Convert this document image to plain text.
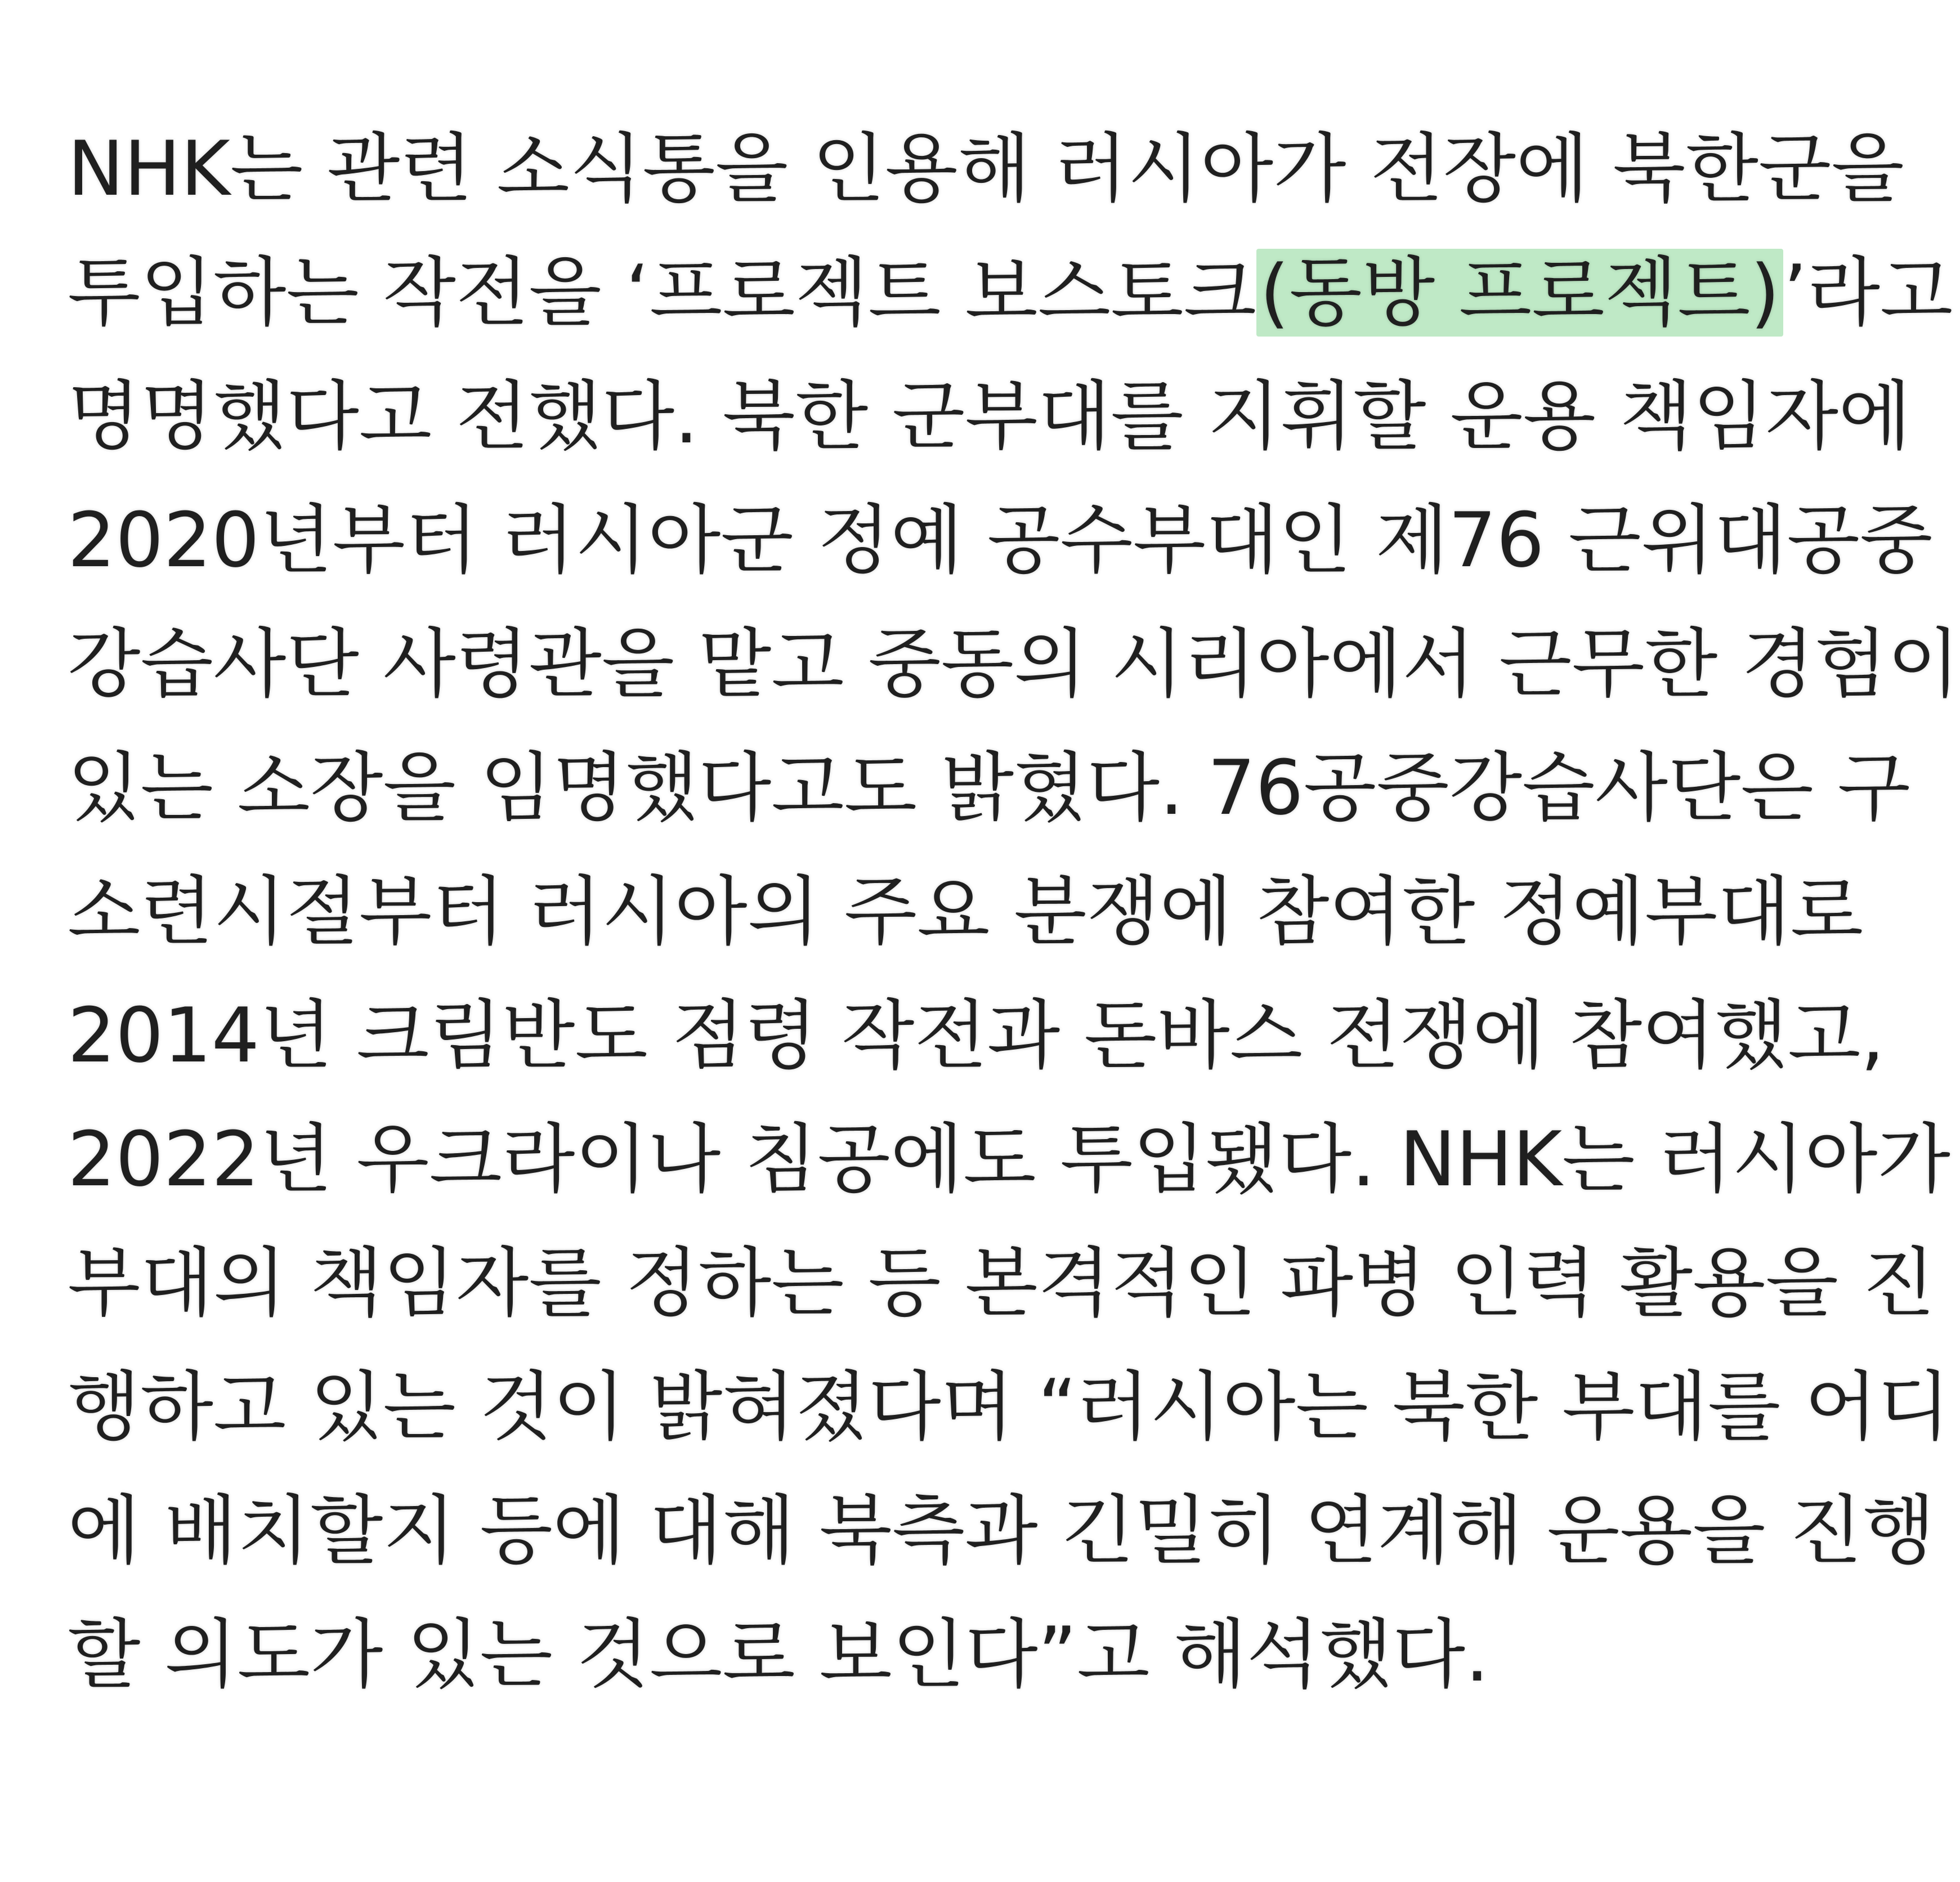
NHK는 관련 소식통을 인용해 러시아가 전장에 북한군을
투입하는 작전을 ‘프로젝트 보스토크(동방 프로젝트)’라고
명명했다고 전했다. 북한 군부대를 지휘할 운용 책임자에
2020년부터 러시아군 정예 공수부대인 제76 근위대공중
강습사단 사령관을 맡고 중동의 시리아에서 근무한 경험이
있는 소장을 임명했다고도 밝혔다. 76공중강습사단은 구
소련시절부터 러시아의 주요 분쟁에 참여한 정예부대로
2014년 크림반도 점령 작전과 돈바스 전쟁에 참여했고,
2022년 우크라이나 침공에도 투입됐다. NHK는 러시아가
부대의 책임자를 정하는 등 본격적인 파병 인력 활용을 진
행하고 있는 것이 밝혀졌다며 “러시아는 북한 부대를 어디
에 배치할지 등에 대해 북측과 긴밀히 연계해 운용을 진행
할 의도가 있는 것으로 보인다”고 해석했다.
